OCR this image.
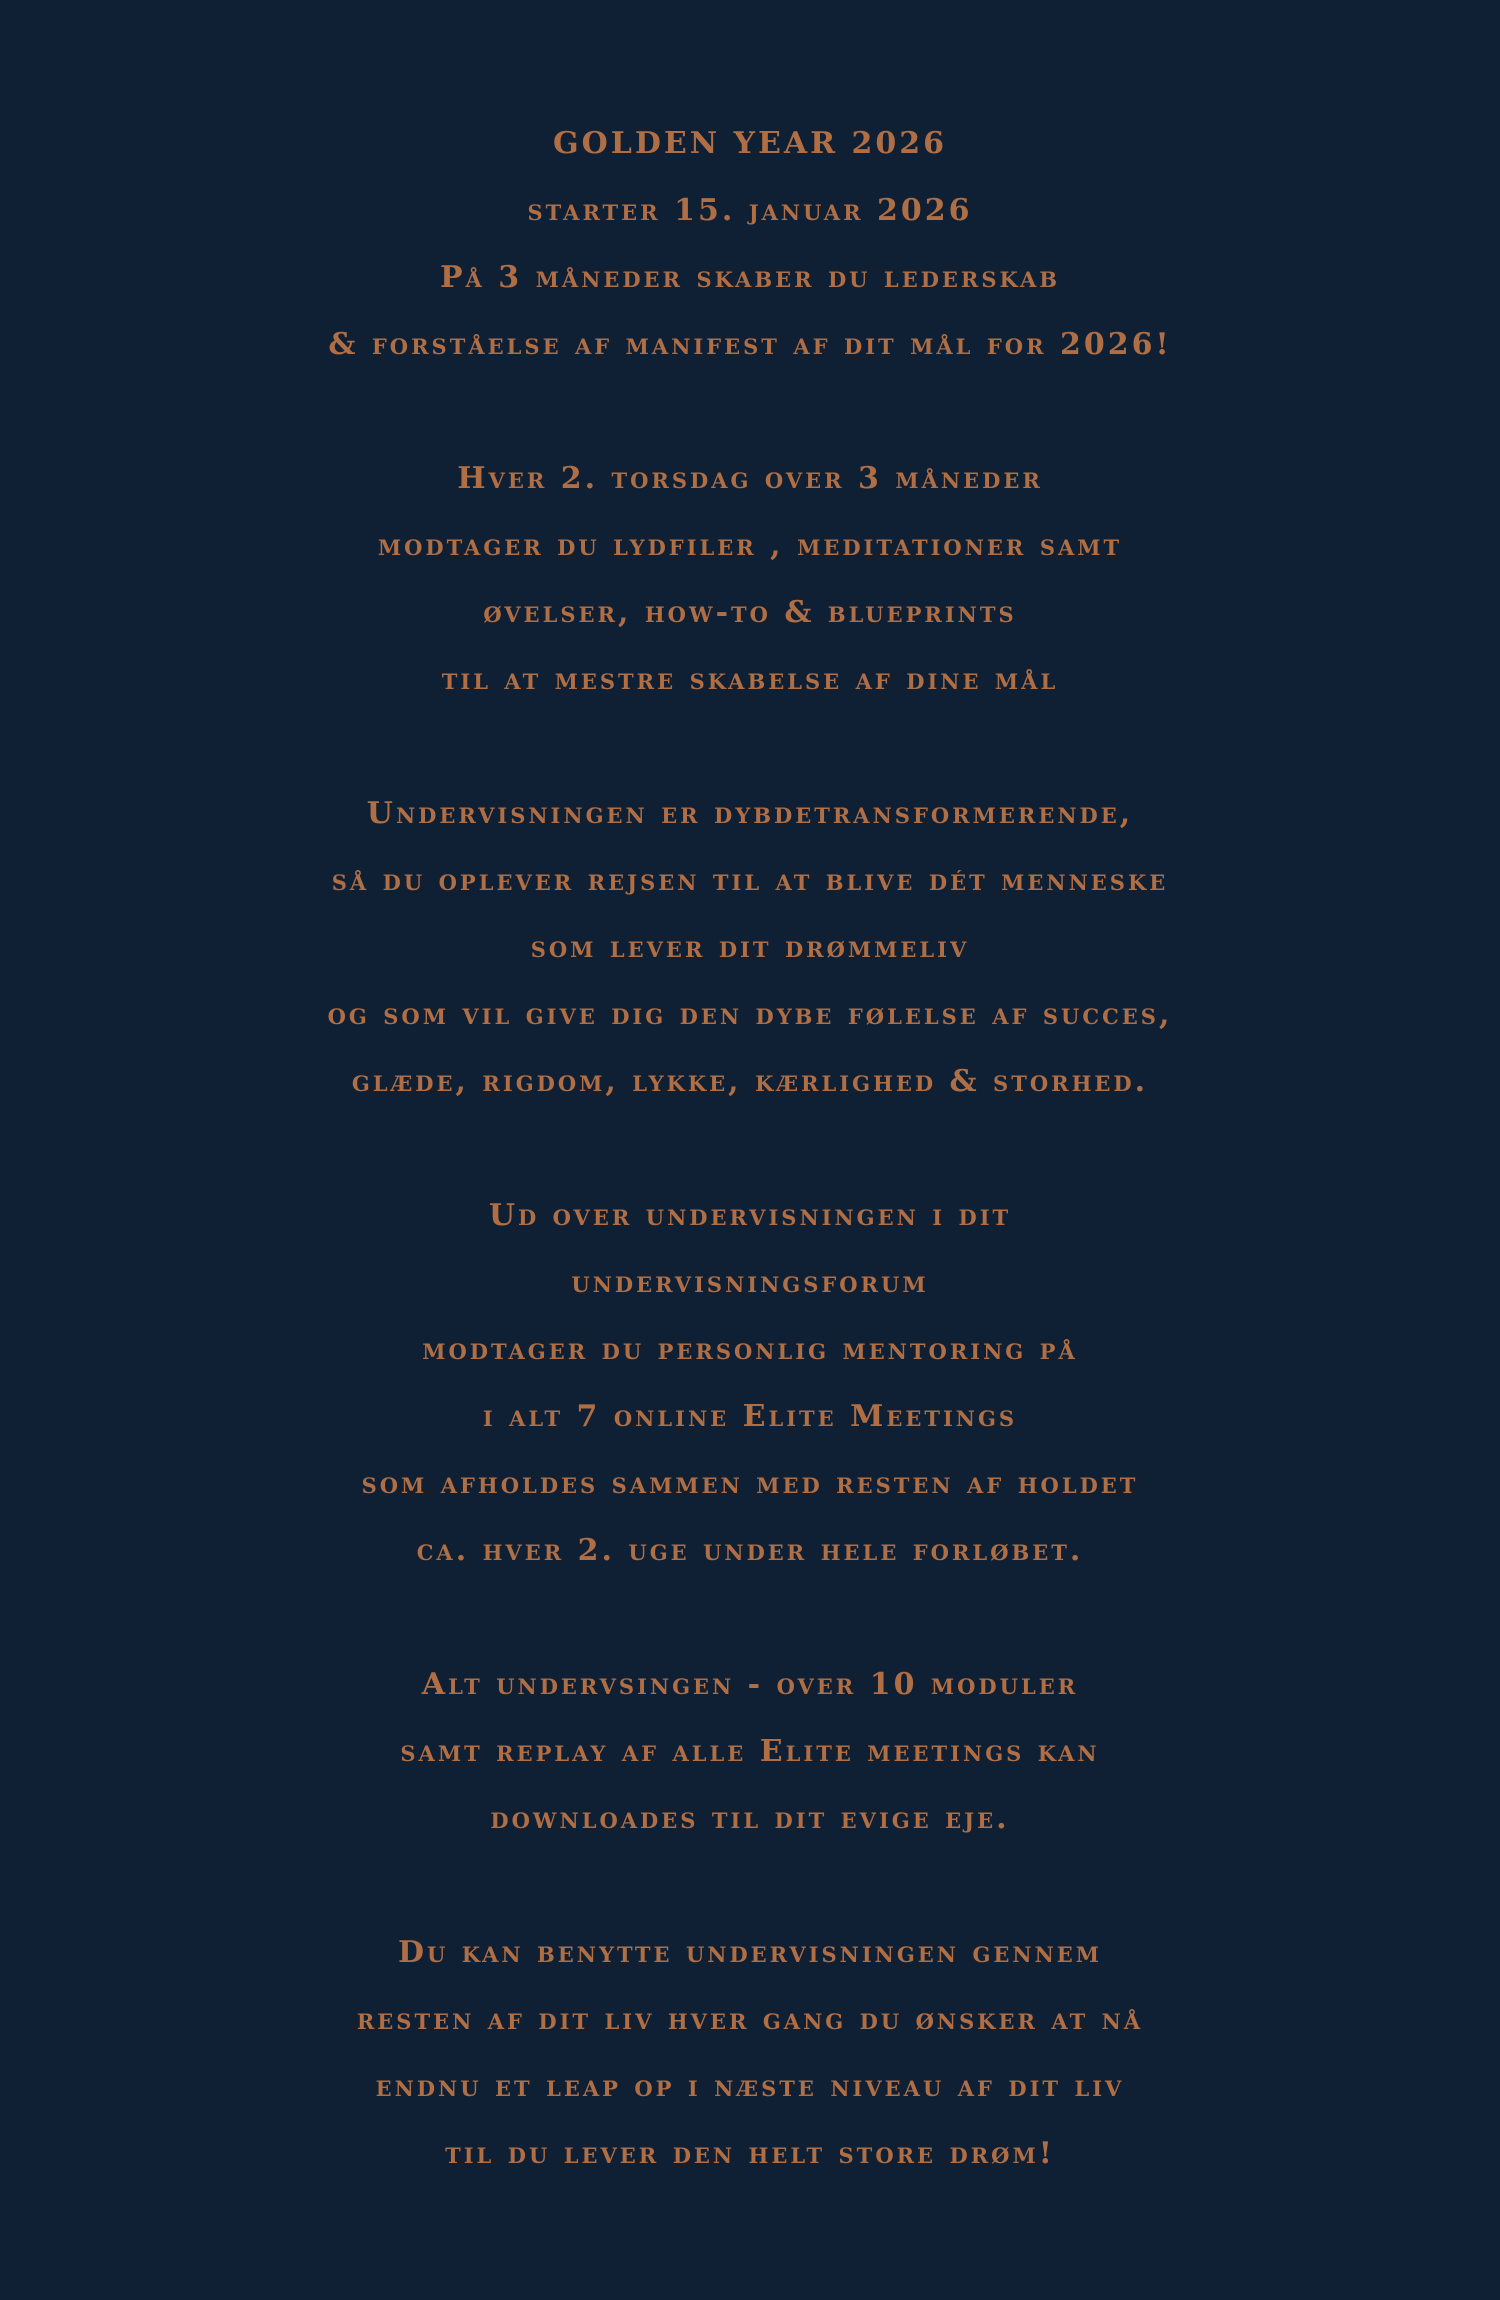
GOLDEN YEAR 2026
starter 15. januar 2026
På 3 måneder skaber du lederskab
& forståelse af manifest af dit mål for 2026!
Hver 2. torsdag over 3 måneder
modtager du lydfiler , meditationer samt
øvelser, how-to & blueprints
til at mestre skabelse af dine mål
Undervisningen er dybdetransformerende,
så du oplever rejsen til at blive dét menneske
som lever dit drømmeliv
og som vil give dig den dybe følelse af succes,
glæde, rigdom, lykke, kærlighed & storhed.
Ud over undervisningen i dit
undervisningsforum
modtager du personlig mentoring på
i alt 7 online Elite Meetings
som afholdes sammen med resten af holdet
ca. hver 2. uge under hele forløbet.
Alt undervsingen - over 10 moduler
samt replay af alle Elite meetings kan
downloades til dit evige eje.
Du kan benytte undervisningen gennem
resten af dit liv hver gang du ønsker at nå
endnu et leap op i næste niveau af dit liv
til du lever den helt store drøm!
